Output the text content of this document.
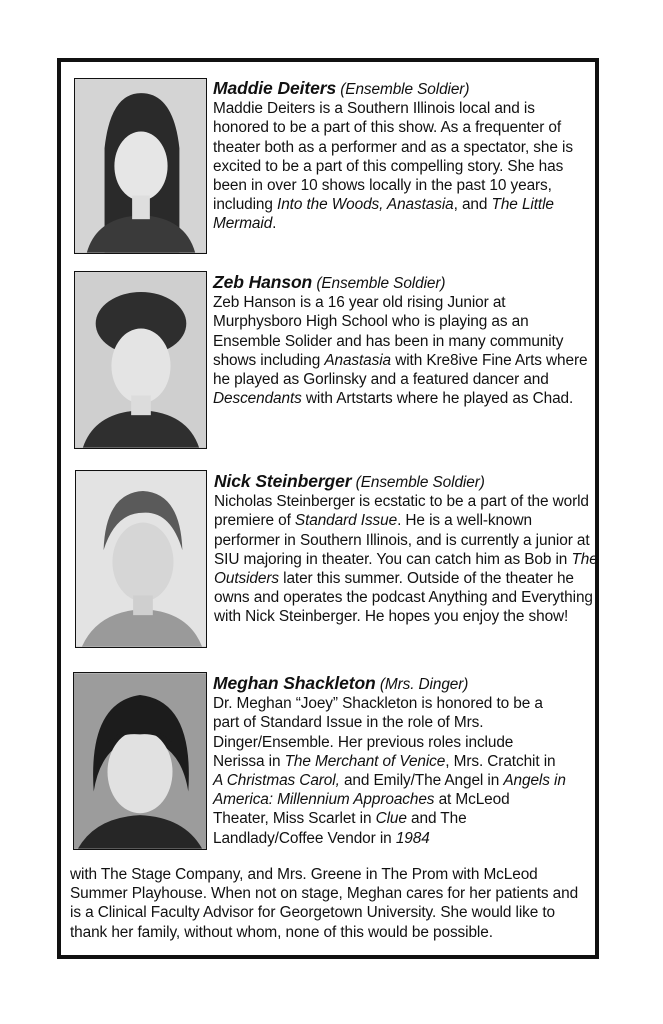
Maddie Deiters (Ensemble Soldier)

Maddie Deiters is a Southern Illinois local and is honored to be a part of this show. As a frequenter of theater both as a performer and as a spectator, she is excited to be a part of this compelling story. She has been in over 10 shows locally in the past 10 years, including Into the Woods, Anastasia, and The Little Mermaid.

Zeb Hanson (Ensemble Soldier)

Zeb Hanson is a 16 year old rising Junior at Murphysboro High School who is playing as an Ensemble Solider and has been in many community shows including Anastasia with Kre8ive Fine Arts where he played as Gorlinsky and a featured dancer and Descendants with Artstarts where he played as Chad.

Nick Steinberger (Ensemble Soldier)

Nicholas Steinberger is ecstatic to be a part of the world premiere of Standard Issue. He is a well-known performer in Southern Illinois, and is currently a junior at SIU majoring in theater. You can catch him as Bob in The Outsiders later this summer. Outside of the theater he owns and operates the podcast Anything and Everything with Nick Steinberger. He hopes you enjoy the show!

Meghan Shackleton (Mrs. Dinger)

Dr. Meghan “Joey” Shackleton is honored to be a part of Standard Issue in the role of Mrs. Dinger/Ensemble. Her previous roles include Nerissa in The Merchant of Venice, Mrs. Cratchit in A Christmas Carol, and Emily/The Angel in Angels in America: Millennium Approaches at McLeod Theater, Miss Scarlet in Clue and The Landlady/Coffee Vendor in 1984

with The Stage Company, and Mrs. Greene in The Prom with McLeod Summer Playhouse. When not on stage, Meghan cares for her patients and is a Clinical Faculty Advisor for Georgetown University. She would like to thank her family, without whom, none of this would be possible.
